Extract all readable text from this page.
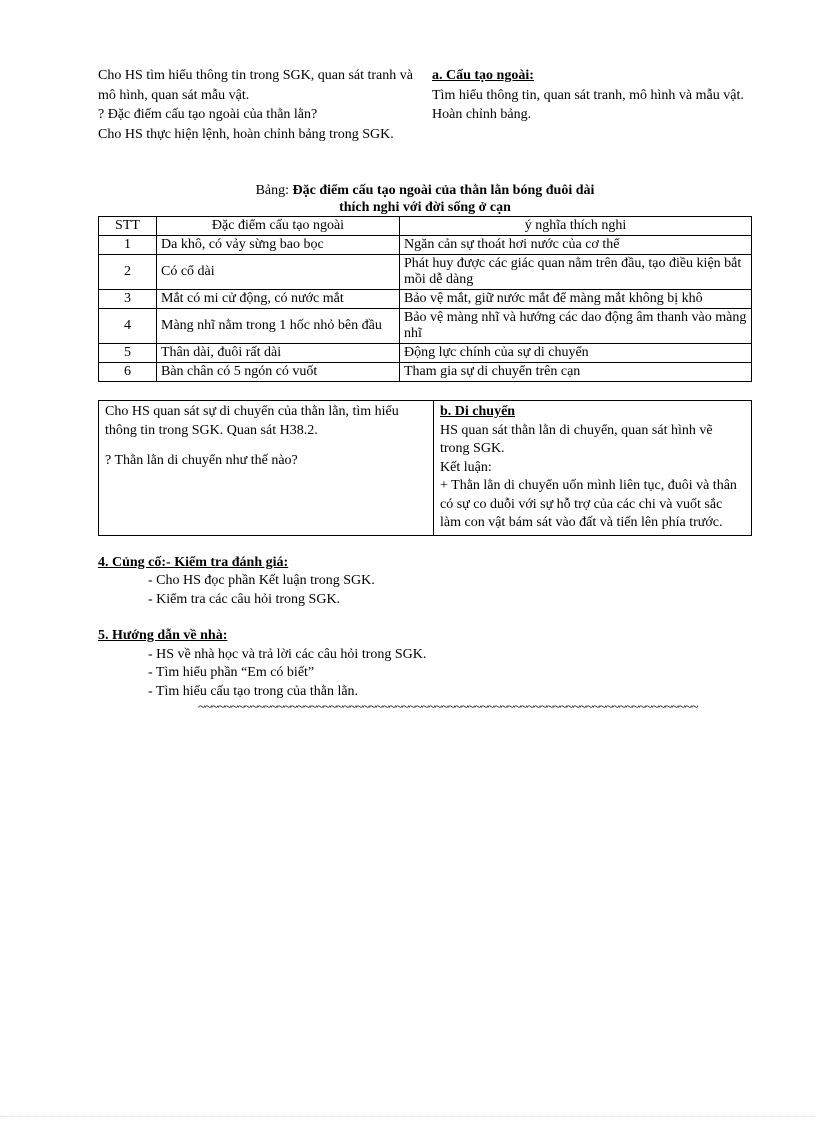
Cho HS tìm hiểu thông tin trong SGK, quan sát tranh và mô hình, quan sát mẫu vật.

? Đặc điểm cấu tạo ngoài của thằn lằn?

Cho HS thực hiện lệnh, hoàn chỉnh bảng trong SGK.

a. Cấu tạo ngoài:

Tìm hiểu thông tin, quan sát tranh, mô hình và mẫu vật.

Hoàn chỉnh bảng.

Bảng: Đặc điểm cấu tạo ngoài của thằn lằn bóng đuôi dài
thích nghi với đời sống ở cạn
STT	Đặc điểm cấu tạo ngoài	ý nghĩa thích nghi
1	Da khô, có vảy sừng bao bọc	Ngăn cản sự thoát hơi nước của cơ thể
2	Có cổ dài	Phát huy được các giác quan nằm trên đầu, tạo điều kiện bắt mồi dễ dàng
3	Mắt có mi cử động, có nước mắt	Bảo vệ mắt, giữ nước mắt để màng mắt không bị khô
4	Màng nhĩ nằm trong 1 hốc nhỏ bên đầu	Bảo vệ màng nhĩ và hướng các dao động âm thanh vào màng nhĩ
5	Thân dài, đuôi rất dài	Động lực chính của sự di chuyển
6	Bàn chân có 5 ngón có vuốt	Tham gia sự di chuyển trên cạn

Cho HS quan sát sự di chuyển của thằn lằn, tìm hiểu thông tin trong SGK. Quan sát H38.2.

? Thằn lằn di chuyển như thế nào?

b. Di chuyển

HS quan sát thằn lằn di chuyển, quan sát hình vẽ trong SGK.

Kết luận:

+ Thằn lằn di chuyển uốn mình liên tục, đuôi và thân có sự co duỗi với sự hỗ trợ của các chi và vuốt sắc làm con vật bám sát vào đất và tiến lên phía trước.

4. Củng cố:- Kiểm tra đánh giá:

- Cho HS đọc phần Kết luận trong SGK.
- Kiểm tra các câu hỏi trong SGK.

5. Hướng dẫn về nhà:

- HS về nhà học và trả lời các câu hỏi trong SGK.
- Tìm hiểu phần “Em có biết”
- Tìm hiểu cấu tạo trong của thằn lằn.
~~~~~~~~~~~~~~~~~~~~~~~~~~~~~~~~~~~~~~~~~~~~~~~~~~~~~~~~~~~~~~~~~~~~~~~~~~~~
